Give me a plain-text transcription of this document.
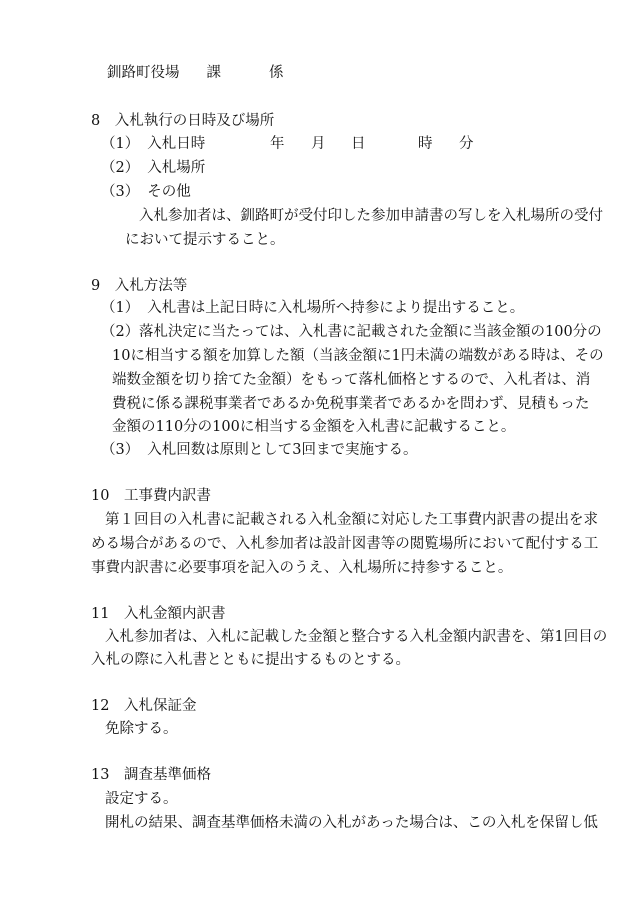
釧路町役場 課	係
8　入札執行の日時及び場所
（1） 入札日時	年 月 日	時 分
（2） 入札場所
（3） その他
入札参加者は、釧路町が受付印した参加申請書の写しを入札場所の受付
において提示すること。
9　入札方法等
（1） 入札書は上記日時に入札場所へ持参により提出すること。
（2） 落札決定に当たっては、入札書に記載された金額に当該金額の100分の
10に相当する額を加算した額（当該金額に1円未満の端数がある時は、その
端数金額を切り捨てた金額）をもって落札価格とするので、入札者は、消
費税に係る課税事業者であるか免税事業者であるかを問わず、見積もった
金額の110分の100に相当する金額を入札書に記載すること。
（3） 入札回数は原則として3回まで実施する。
10　工事費内訳書
第１回目の入札書に記載される入札金額に対応した工事費内訳書の提出を求
める場合があるので、入札参加者は設計図書等の閲覧場所において配付する工
事費内訳書に必要事項を記入のうえ、入札場所に持参すること。
11　入札金額内訳書
入札参加者は、入札に記載した金額と整合する入札金額内訳書を、第1回目の
入札の際に入札書とともに提出するものとする。
12　入札保証金
免除する。
13　調査基準価格
設定する。
開札の結果、調査基準価格未満の入札があった場合は、この入札を保留し低
